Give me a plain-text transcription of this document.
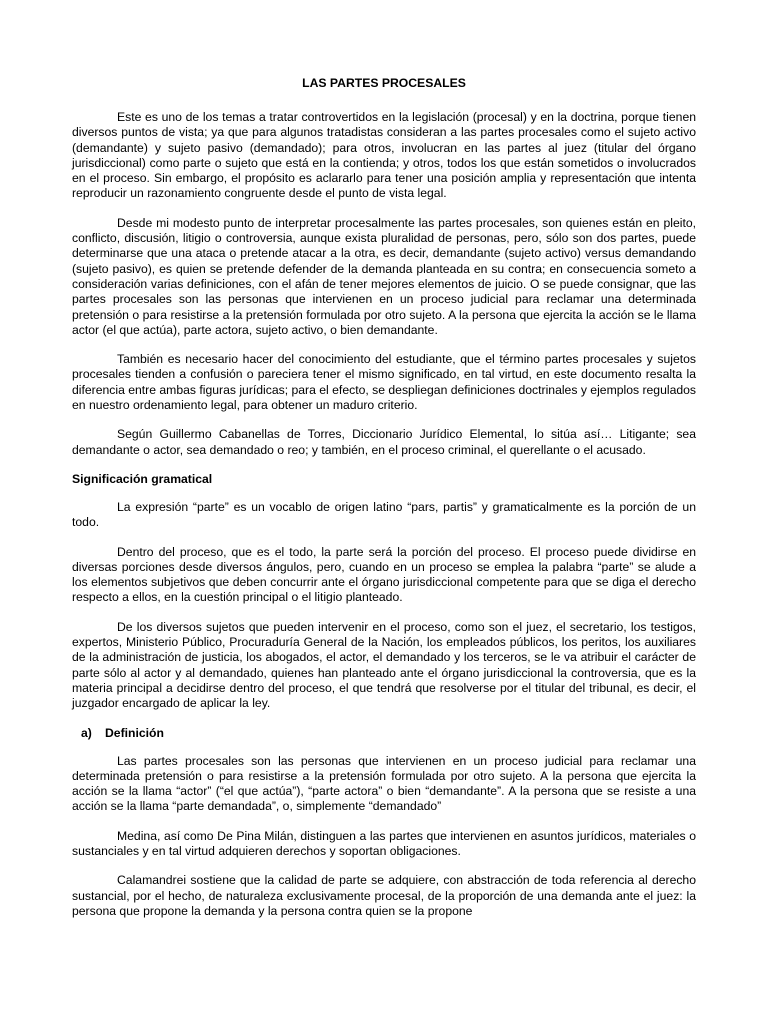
LAS PARTES PROCESALES

Este es uno de los temas a tratar controvertidos en la legislación (procesal) y en la doctrina, porque tienen diversos puntos de vista; ya que para algunos tratadistas consideran a las partes procesales como el sujeto activo (demandante) y sujeto pasivo (demandado); para otros, involucran en las partes al juez (titular del órgano jurisdiccional) como parte o sujeto que está en la contienda; y otros, todos los que están sometidos o involucrados en el proceso. Sin embargo, el propósito es aclararlo para tener una posición amplia y representación que intenta reproducir un razonamiento congruente desde el punto de vista legal.

Desde mi modesto punto de interpretar procesalmente las partes procesales, son quienes están en pleito, conflicto, discusión, litigio o controversia, aunque exista pluralidad de personas, pero, sólo son dos partes, puede determinarse que una ataca o pretende atacar a la otra, es decir, demandante (sujeto activo) versus demandando (sujeto pasivo), es quien se pretende defender de la demanda planteada en su contra; en consecuencia someto a consideración varias definiciones, con el afán de tener mejores elementos de juicio. O se puede consignar, que las partes procesales son las personas que intervienen en un proceso judicial para reclamar una determinada pretensión o para resistirse a la pretensión formulada por otro sujeto. A la persona que ejercita la acción se le llama actor (el que actúa), parte actora, sujeto activo, o bien demandante.

También es necesario hacer del conocimiento del estudiante, que el término partes procesales y sujetos procesales tienden a confusión o pareciera tener el mismo significado, en tal virtud, en este documento resalta la diferencia entre ambas figuras jurídicas; para el efecto, se despliegan definiciones doctrinales y ejemplos regulados en nuestro ordenamiento legal, para obtener un maduro criterio.

Según Guillermo Cabanellas de Torres, Diccionario Jurídico Elemental, lo sitúa así… Litigante; sea demandante o actor, sea demandado o reo; y también, en el proceso criminal, el querellante o el acusado.

Significación gramatical

La expresión “parte” es un vocablo de origen latino “pars, partis” y gramaticalmente es la porción de un todo.

Dentro del proceso, que es el todo, la parte será la porción del proceso. El proceso puede dividirse en diversas porciones desde diversos ángulos, pero, cuando en un proceso se emplea la palabra “parte” se alude a los elementos subjetivos que deben concurrir ante el órgano jurisdiccional competente para que se diga el derecho respecto a ellos, en la cuestión principal o el litigio planteado.

De los diversos sujetos que pueden intervenir en el proceso, como son el juez, el secretario, los testigos, expertos, Ministerio Público, Procuraduría General de la Nación, los empleados públicos, los peritos, los auxiliares de la administración de justicia, los abogados, el actor, el demandado y los terceros, se le va atribuir el carácter de parte sólo al actor y al demandado, quienes han planteado ante el órgano jurisdiccional la controversia, que es la materia principal a decidirse dentro del proceso, el que tendrá que resolverse por el titular del tribunal, es decir, el juzgador encargado de aplicar la ley.

a)	Definición

Las partes procesales son las personas que intervienen en un proceso judicial para reclamar una determinada pretensión o para resistirse a la pretensión formulada por otro sujeto. A la persona que ejercita la acción se la llama “actor” (“el que actúa”), “parte actora” o bien “demandante”. A la persona que se resiste a una acción se la llama “parte demandada”, o, simplemente “demandado”

Medina, así como De Pina Milán, distinguen a las partes que intervienen en asuntos jurídicos, materiales o sustanciales y en tal virtud adquieren derechos y soportan obligaciones.

Calamandrei sostiene que la calidad de parte se adquiere, con abstracción de toda referencia al derecho sustancial, por el hecho, de naturaleza exclusivamente procesal, de la proporción de una demanda ante el juez: la persona que propone la demanda y la persona contra quien se la propone
